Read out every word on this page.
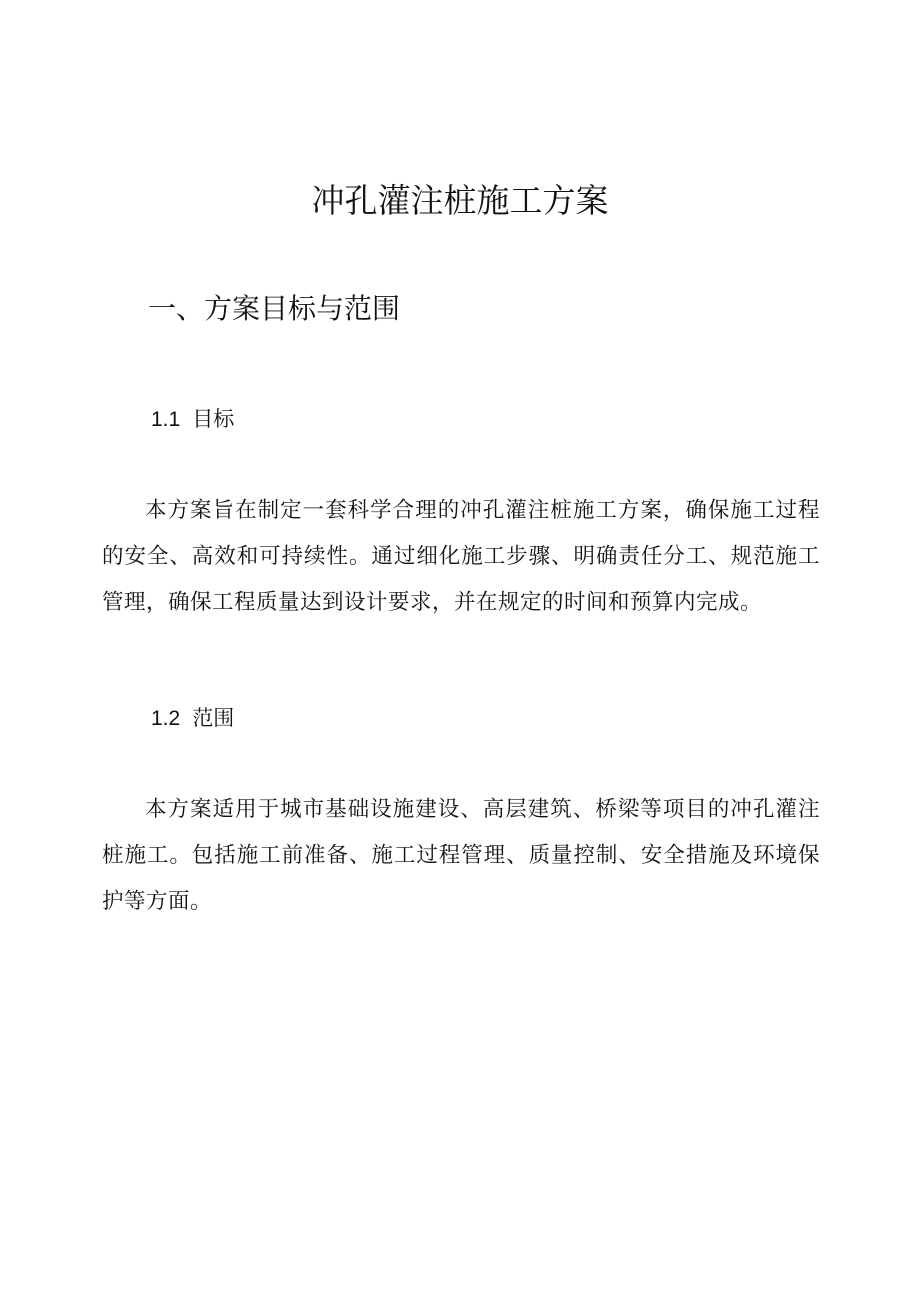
冲孔灌注桩施工方案
一、方案目标与范围
1.1 目标

本方案旨在制定一套科学合理的冲孔灌注桩施工方案，确保施工过程的安全、高效和可持续性。通过细化施工步骤、明确责任分工、规范施工管理，确保工程质量达到设计要求，并在规定的时间和预算内完成。

1.2 范围

本方案适用于城市基础设施建设、高层建筑、桥梁等项目的冲孔灌注桩施工。包括施工前准备、施工过程管理、质量控制、安全措施及环境保护等方面。
